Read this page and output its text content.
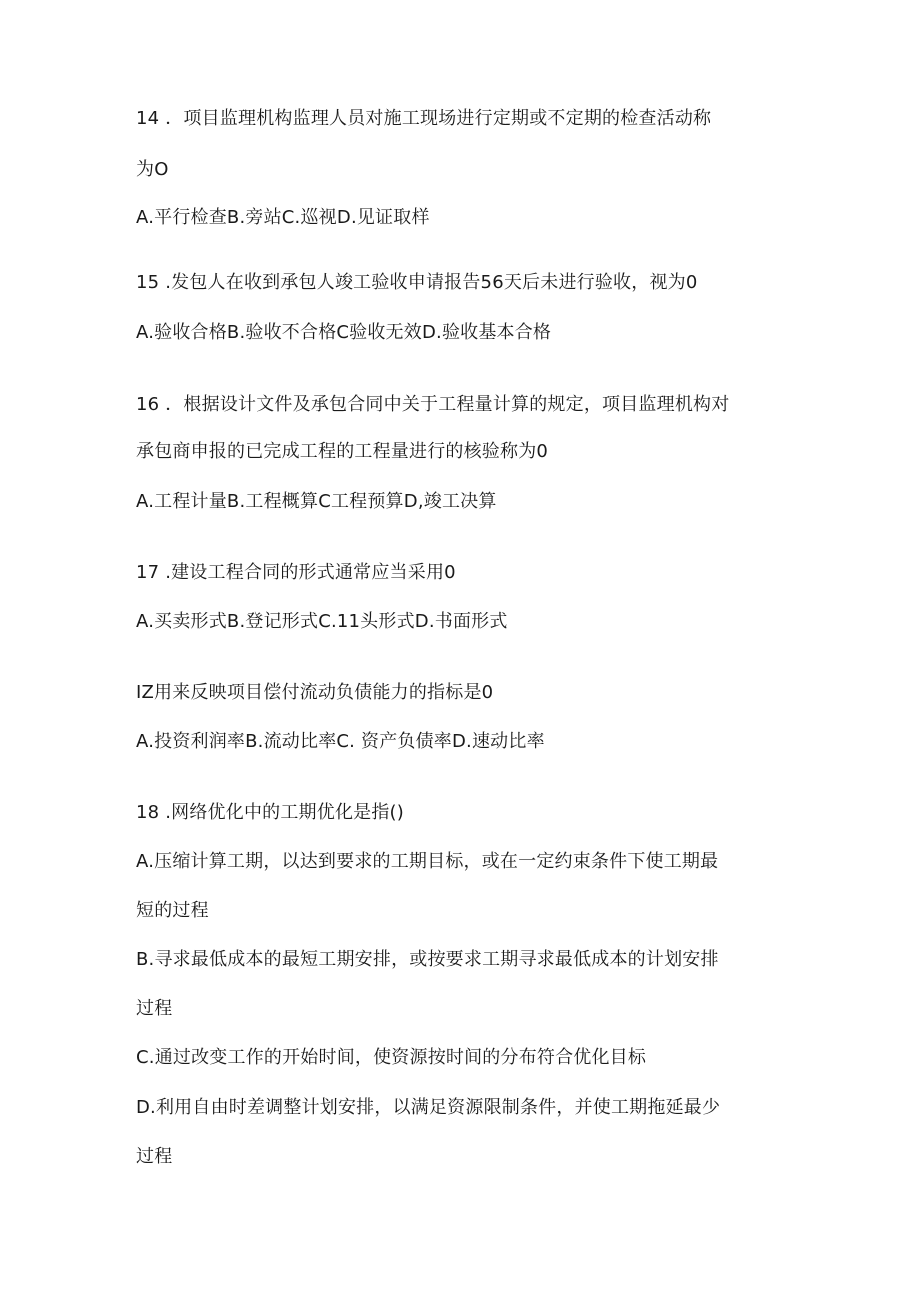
14 ．项目监理机构监理人员对施工现场进行定期或不定期的检查活动称
为O
A.平行检查B.旁站C.巡视D.见证取样
15 .发包人在收到承包人竣工验收申请报告56天后未进行验收，视为0
A.验收合格B.验收不合格C验收无效D.验收基本合格
16 ．根据设计文件及承包合同中关于工程量计算的规定，项目监理机构对
承包商申报的已完成工程的工程量进行的核验称为0
A.工程计量B.工程概算C工程预算D,竣工决算
17 .建设工程合同的形式通常应当采用0
A.买卖形式B.登记形式C.11头形式D.书面形式
IZ用来反映项目偿付流动负债能力的指标是0
A.投资利润率B.流动比率C. 资产负债率D.速动比率
18 .网络优化中的工期优化是指()
A.压缩计算工期，以达到要求的工期目标，或在一定约束条件下使工期最
短的过程
B.寻求最低成本的最短工期安排，或按要求工期寻求最低成本的计划安排
过程
C.通过改变工作的开始时间，使资源按时间的分布符合优化目标
D.利用自由时差调整计划安排，以满足资源限制条件，并使工期拖延最少
过程
